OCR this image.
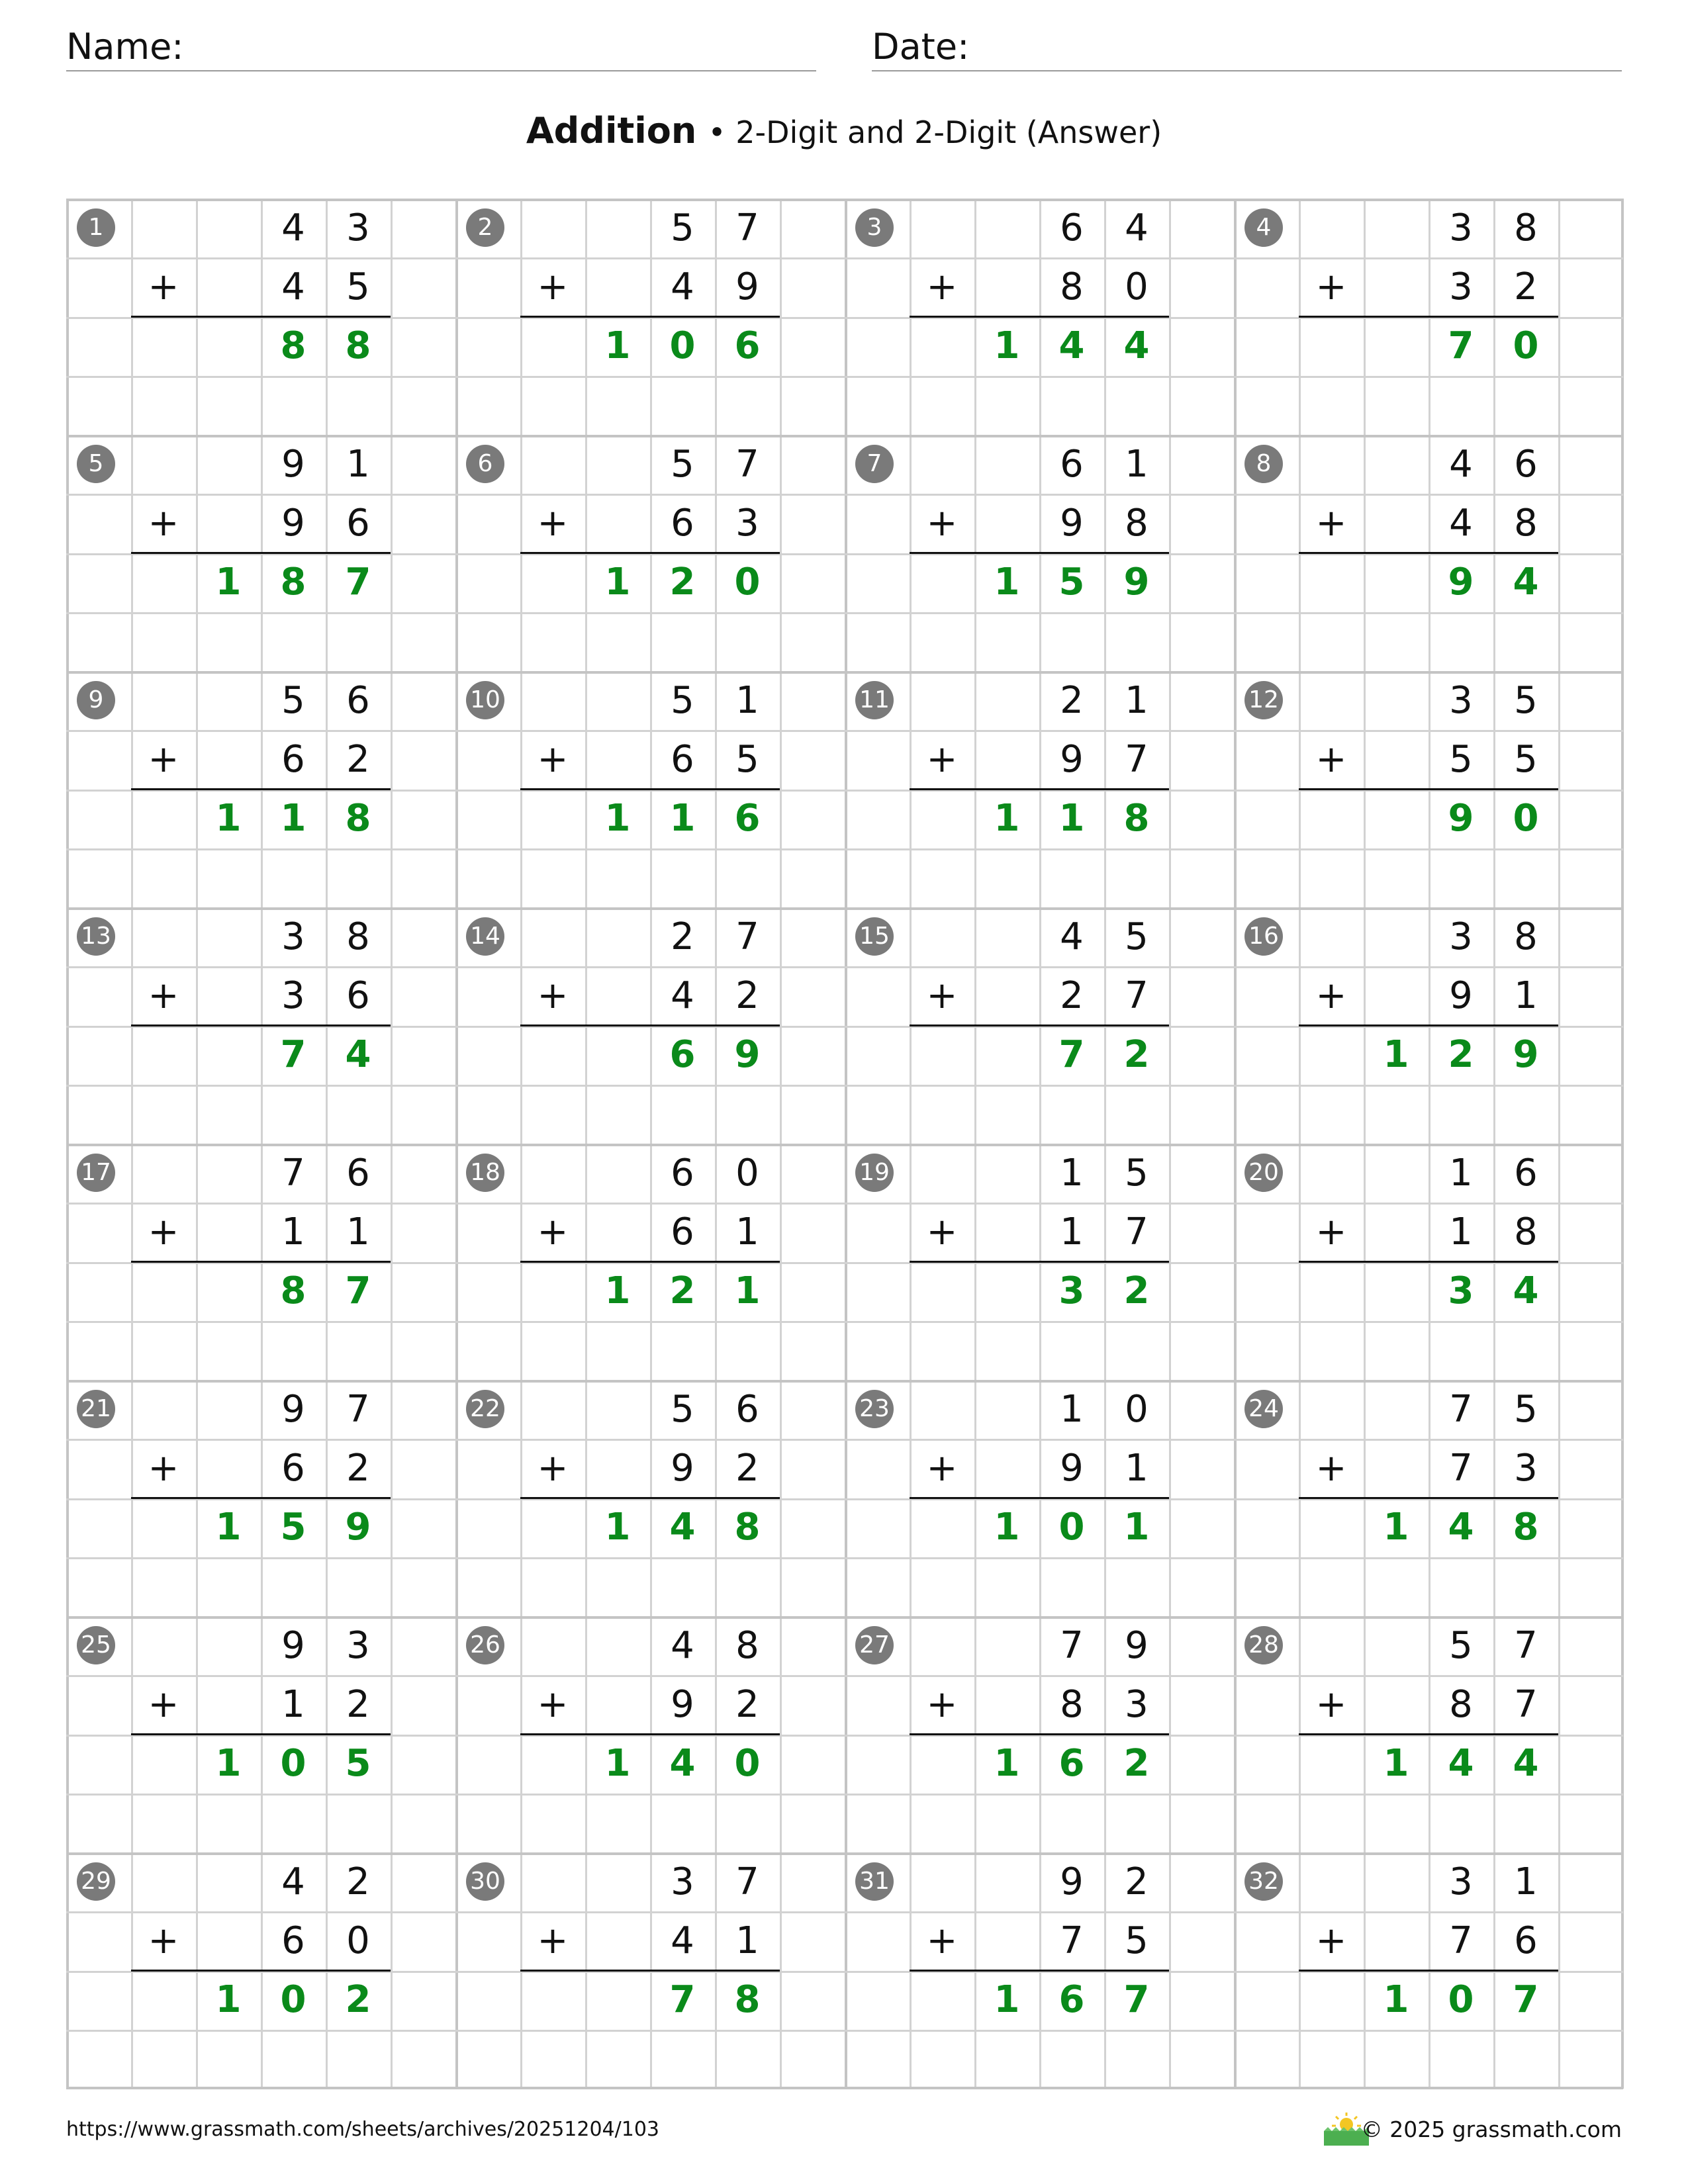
Name:	Date:
Addition • 2-Digit and 2-Digit (Answer)
1	4	3
4	5
+
8	8
2	5	7
4	9
+
1	0	6
3	6	4
8	0
+
1	4	4
4	3	8
3	2
+
7	0
5	9	1
9	6
+
1	8	7
6	5	7
6	3
+
1	2	0
7	6	1
9	8
+
1	5	9
8	4	6
4	8
+
9	4
9	5	6
6	2
+
1	1	8
10	5	1
6	5
+
1	1	6
11	2	1
9	7
+
1	1	8
12	3	5
5	5
+
9	0
13	3	8
3	6
+
7	4
14	2	7
4	2
+
6	9
15	4	5
2	7
+
7	2
16	3	8
9	1
+
1	2	9
17	7	6
1	1
+
8	7
18	6	0
6	1
+
1	2	1
19	1	5
1	7
+
3	2
20	1	6
1	8
+
3	4
21	9	7
6	2
+
1	5	9
22	5	6
9	2
+
1	4	8
23	1	0
9	1
+
1	0	1
24	7	5
7	3
+
1	4	8
25	9	3
1	2
+
1	0	5
26	4	8
9	2
+
1	4	0
27	7	9
8	3
+
1	6	2
28	5	7
8	7
+
1	4	4
29	4	2
6	0
+
1	0	2
30	3	7
4	1
+
7	8
31	9	2
7	5
+
1	6	7
32	3	1
7	6
+
1	0	7
https://www.grassmath.com/sheets/archives/20251204/103	© 2025 grassmath.com
